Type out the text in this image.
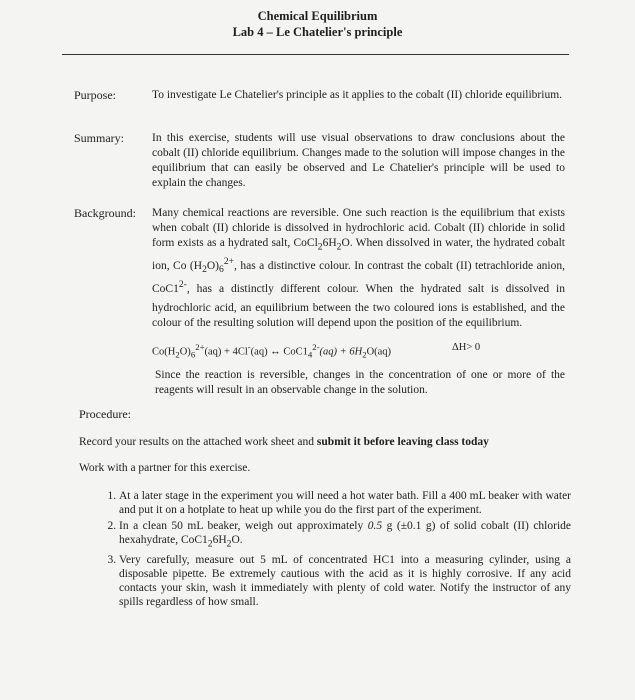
Chemical Equilibrium
Lab 4 – Le Chatelier's principle
Purpose:	To investigate Le Chatelier's principle as it applies to the cobalt (II) chloride equilibrium.
Summary: In this exercise, students will use visual observations to draw conclusions about the cobalt (II) chloride equilibrium. Changes made to the solution will impose changes in the equilibrium that can easily be observed and Le Chatelier's principle will be used to explain the changes.
Background: Many chemical reactions are reversible. One such reaction is the equilibrium that exists when cobalt (II) chloride is dissolved in hydrochloric acid. Cobalt (II) chloride in solid form exists as a hydrated salt, $CoCl_26H_2O$. When dissolved in water, the hydrated cobalt ion, Co $(H_2O)_6^{2+}$, has a distinctive colour. In contrast the cobalt (II) tetrachloride anion, $CoC1^{2-}$, has a distinctly different colour. When the hydrated salt is dissolved in hydrochloric acid, an equilibrium between the two coloured ions is established, and the colour of the resulting solution will depend upon the position of the equilibrium.
$Co(H_2O)_6^{2+}(aq) + 4Cl^-(aq)$ ↔ $CoC1_4^{2-}(aq) + 6H_2O(aq)$	ΔH> 0
Since the reaction is reversible, changes in the concentration of one or more of the reagents will result in an observable change in the solution.
Procedure:
Record your results on the attached work sheet and submit it before leaving class today
Work with a partner for this exercise.
1. At a later stage in the experiment you will need a hot water bath. Fill a 400 mL beaker with water and put it on a hotplate to heat up while you do the first part of the experiment.
2. In a clean 50 mL beaker, weigh out approximately 0.5 g (±0.1 g) of solid cobalt (II) chloride hexahydrate, $CoC1_26H_2O$.
3. Very carefully, measure out 5 mL of concentrated HC1 into a measuring cylinder, using a disposable pipette. Be extremely cautious with the acid as it is highly corrosive. If any acid contacts your skin, wash it immediately with plenty of cold water. Notify the instructor of any spills regardless of how small.
